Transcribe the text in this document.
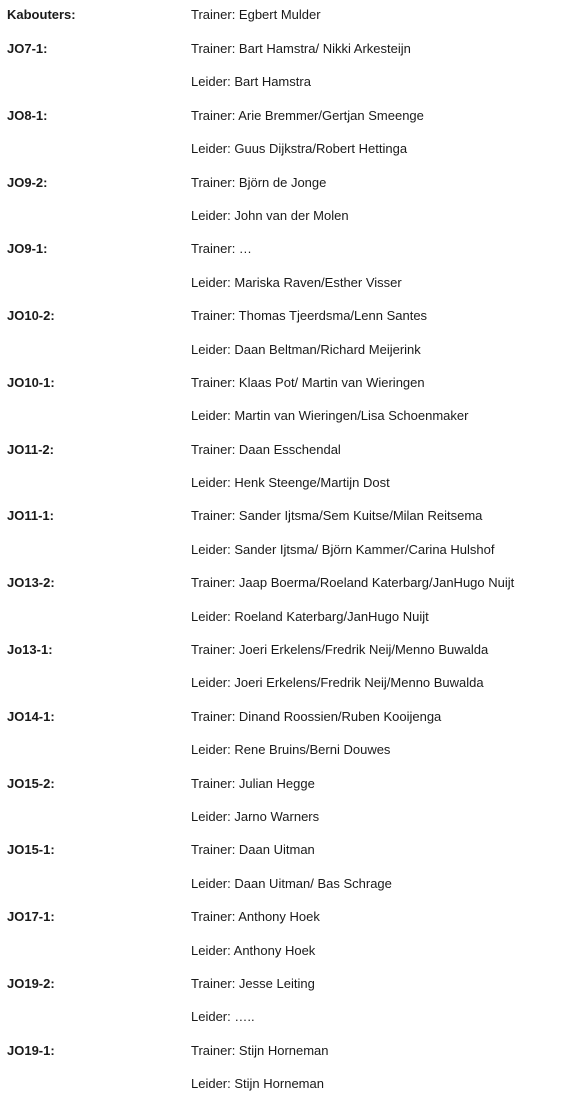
Kabouters:	Trainer: Egbert Mulder
JO7-1:	Trainer: Bart Hamstra/ Nikki Arkesteijn
Leider: Bart Hamstra
JO8-1:	Trainer: Arie Bremmer/Gertjan Smeenge
Leider: Guus Dijkstra/Robert Hettinga
JO9-2:	Trainer: Björn de Jonge
Leider: John van der Molen
JO9-1:	Trainer: …
Leider: Mariska Raven/Esther Visser
JO10-2:	Trainer: Thomas Tjeerdsma/Lenn Santes
Leider: Daan Beltman/Richard Meijerink
JO10-1:	Trainer: Klaas Pot/ Martin van Wieringen
Leider: Martin van Wieringen/Lisa Schoenmaker
JO11-2:	Trainer: Daan Esschendal
Leider: Henk Steenge/Martijn Dost
JO11-1:	Trainer: Sander Ijtsma/Sem Kuitse/Milan Reitsema
Leider: Sander Ijtsma/ Björn Kammer/Carina Hulshof
JO13-2:	Trainer: Jaap Boerma/Roeland Katerbarg/JanHugo Nuijt
Leider: Roeland Katerbarg/JanHugo Nuijt
Jo13-1:	Trainer: Joeri Erkelens/Fredrik Neij/Menno Buwalda
Leider: Joeri Erkelens/Fredrik Neij/Menno Buwalda
JO14-1:	Trainer: Dinand Roossien/Ruben Kooijenga
Leider: Rene Bruins/Berni Douwes
JO15-2:	Trainer: Julian Hegge
Leider: Jarno Warners
JO15-1:	Trainer: Daan Uitman
Leider: Daan Uitman/ Bas Schrage
JO17-1:	Trainer: Anthony Hoek
Leider: Anthony Hoek
JO19-2:	Trainer: Jesse Leiting
Leider: …..
JO19-1:	Trainer: Stijn Horneman
Leider: Stijn Horneman
